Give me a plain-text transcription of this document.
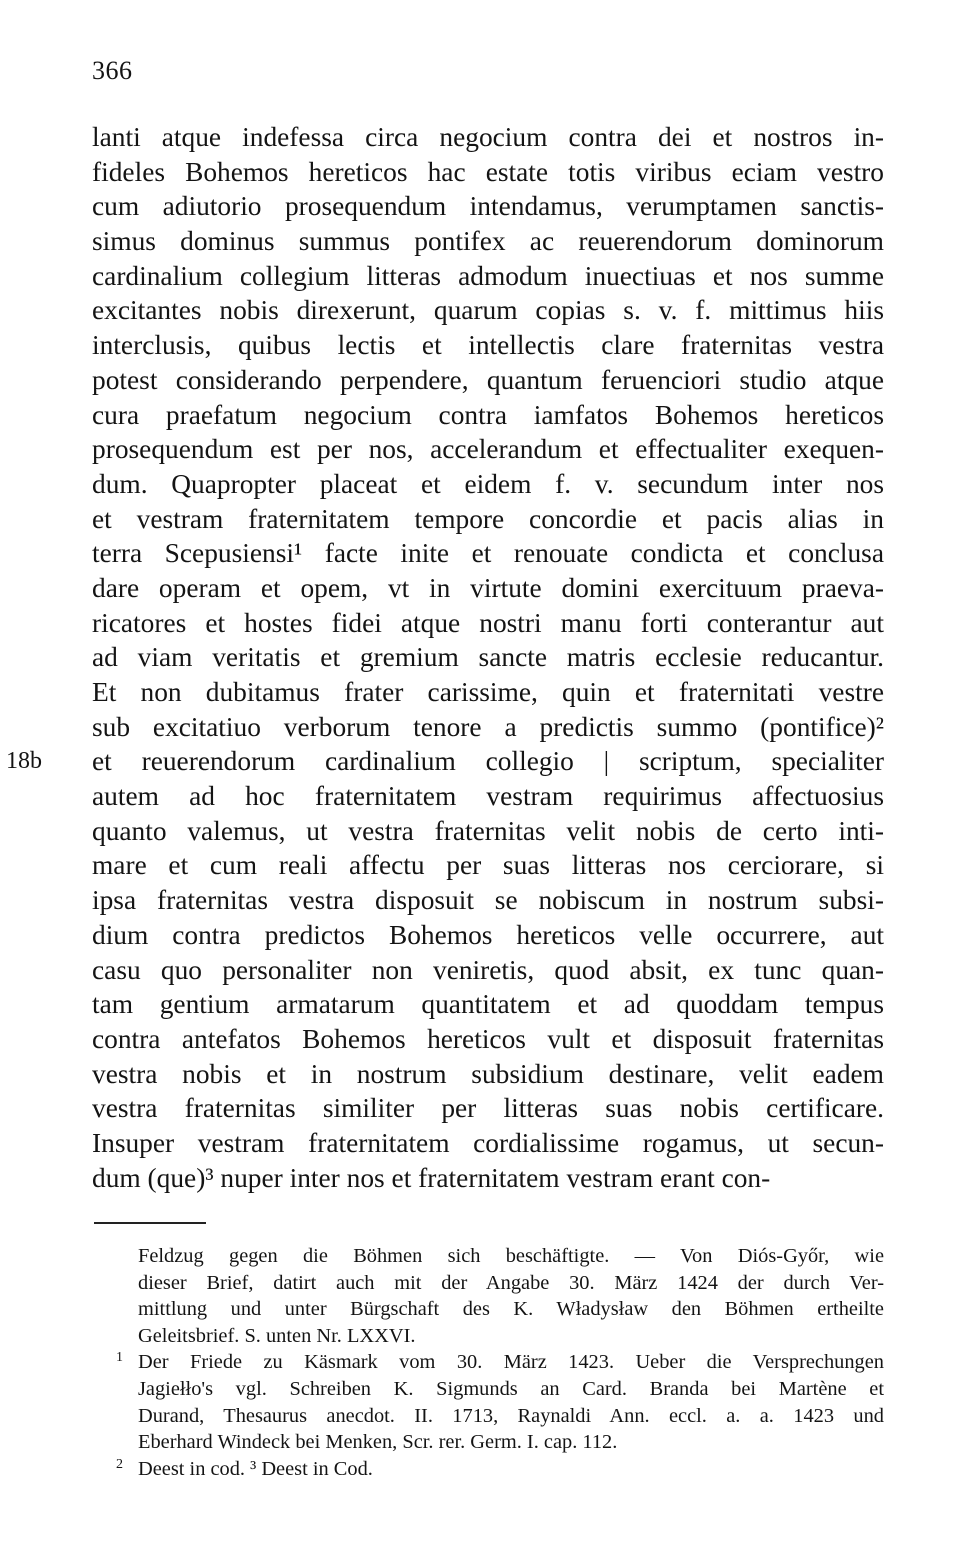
366
lanti atque indefessa circa negocium contra dei et nostros in-
fideles Bohemos hereticos hac estate totis viribus eciam vestro
cum adiutorio prosequendum intendamus, verumptamen sanctis-
simus dominus summus pontifex ac reuerendorum dominorum
cardinalium collegium litteras admodum inuectiuas et nos summe
excitantes nobis direxerunt, quarum copias s. v. f. mittimus hiis
interclusis, quibus lectis et intellectis clare fraternitas vestra
potest considerando perpendere, quantum feruenciori studio atque
cura praefatum negocium contra iamfatos Bohemos hereticos
prosequendum est per nos, accelerandum et effectualiter exequen-
dum. Quapropter placeat et eidem f. v. secundum inter nos
et vestram fraternitatem tempore concordie et pacis alias in
terra Scepusiensi¹ facte inite et renouate condicta et conclusa
dare operam et opem, vt in virtute domini exercituum praeva-
ricatores et hostes fidei atque nostri manu forti conterantur aut
ad viam veritatis et gremium sancte matris ecclesie reducantur.
Et non dubitamus frater carissime, quin et fraternitati vestre
sub excitatiuo verborum tenore a predictis summo (pontifice)²
18b et reuerendorum cardinalium collegio | scriptum, specialiter
autem ad hoc fraternitatem vestram requirimus affectuosius
quanto valemus, ut vestra fraternitas velit nobis de certo inti-
mare et cum reali affectu per suas litteras nos cerciorare, si
ipsa fraternitas vestra disposuit se nobiscum in nostrum subsi-
dium contra predictos Bohemos hereticos velle occurrere, aut
casu quo personaliter non veniretis, quod absit, ex tunc quan-
tam gentium armatarum quantitatem et ad quoddam tempus
contra antefatos Bohemos hereticos vult et disposuit fraternitas
vestra nobis et in nostrum subsidium destinare, velit eadem
vestra fraternitas similiter per litteras suas nobis certificare.
Insuper vestram fraternitatem cordialissime rogamus, ut secun-
dum (que)³ nuper inter nos et fraternitatem vestram erant con-
Feldzug gegen die Böhmen sich beschäftigte. — Von Diós-Győr, wie
dieser Brief, datirt auch mit der Angabe 30. März 1424 der durch Ver-
mittlung und unter Bürgschaft des K. Władysław den Böhmen ertheilte
Geleitsbrief. S. unten Nr. LXXVI.
1 Der Friede zu Käsmark vom 30. März 1423. Ueber die Versprechungen
Jagiełło's vgl. Schreiben K. Sigmunds an Card. Branda bei Martène et
Durand, Thesaurus anecdot. II. 1713, Raynaldi Ann. eccl. a. a. 1423 und
Eberhard Windeck bei Menken, Scr. rer. Germ. I. cap. 112.
2 Deest in cod. ³ Deest in Cod.
